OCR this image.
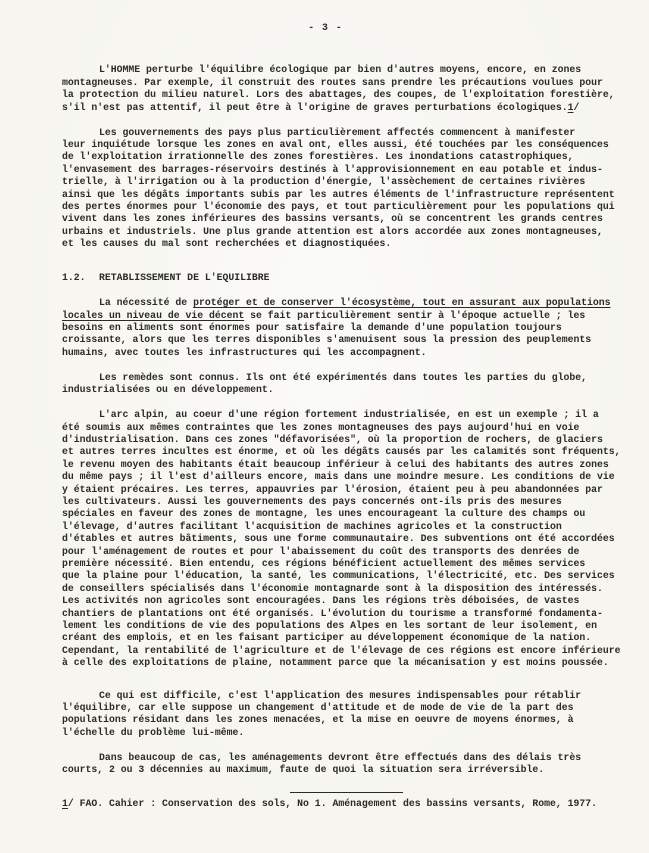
- 3 -
L'HOMME perturbe l'équilibre écologique par bien d'autres moyens, encore, en zones
montagneuses. Par exemple, il construit des routes sans prendre les précautions voulues pour
la protection du milieu naturel. Lors des abattages, des coupes, de l'exploitation forestière,
s'il n'est pas attentif, il peut être à l'origine de graves perturbations écologiques.1/
Les gouvernements des pays plus particulièrement affectés commencent à manifester
leur inquiétude lorsque les zones en aval ont, elles aussi, été touchées par les conséquences
de l'exploitation irrationnelle des zones forestières. Les inondations catastrophiques,
l'envasement des barrages-réservoirs destinés à l'approvisionnement en eau potable et indus-
trielle, à l'irrigation ou à la production d'énergie, l'assèchement de certaines rivières
ainsi que les dégâts importants subis par les autres éléments de l'infrastructure représentent
des pertes énormes pour l'économie des pays, et tout particulièrement pour les populations qui
vivent dans les zones inférieures des bassins versants, où se concentrent les grands centres
urbains et industriels. Une plus grande attention est alors accordée aux zones montagneuses,
et les causes du mal sont recherchées et diagnostiquées.
1.2.	RETABLISSEMENT DE L'EQUILIBRE
La nécessité de protéger et de conserver l'écosystème, tout en assurant aux populations
locales un niveau de vie décent se fait particulièrement sentir à l'époque actuelle ; les
besoins en aliments sont énormes pour satisfaire la demande d'une population toujours
croissante, alors que les terres disponibles s'amenuisent sous la pression des peuplements
humains, avec toutes les infrastructures qui les accompagnent.
Les remèdes sont connus. Ils ont été expérimentés dans toutes les parties du globe,
industrialisées ou en développement.
L'arc alpin, au coeur d'une région fortement industrialisée, en est un exemple ; il a
été soumis aux mêmes contraintes que les zones montagneuses des pays aujourd'hui en voie
d'industrialisation. Dans ces zones "défavorisées", où la proportion de rochers, de glaciers
et autres terres incultes est énorme, et où les dégâts causés par les calamités sont fréquents,
le revenu moyen des habitants était beaucoup inférieur à celui des habitants des autres zones
du même pays ; il l'est d'ailleurs encore, mais dans une moindre mesure. Les conditions de vie
y étaient précaires. Les terres, appauvries par l'érosion, étaient peu à peu abandonnées par
les cultivateurs. Aussi les gouvernements des pays concernés ont-ils pris des mesures
spéciales en faveur des zones de montagne, les unes encourageant la culture des champs ou
l'élevage, d'autres facilitant l'acquisition de machines agricoles et la construction
d'étables et autres bâtiments, sous une forme communautaire. Des subventions ont été accordées
pour l'aménagement de routes et pour l'abaissement du coût des transports des denrées de
première nécessité. Bien entendu, ces régions bénéficient actuellement des mêmes services
que la plaine pour l'éducation, la santé, les communications, l'électricité, etc. Des services
de conseillers spécialisés dans l'économie montagnarde sont à la disposition des intéressés.
Les activités non agricoles sont encouragées. Dans les régions très déboisées, de vastes
chantiers de plantations ont été organisés. L'évolution du tourisme a transformé fondamenta-
lement les conditions de vie des populations des Alpes en les sortant de leur isolement, en
créant des emplois, et en les faisant participer au développement économique de la nation.
Cependant, la rentabilité de l'agriculture et de l'élevage de ces régions est encore inférieure
à celle des exploitations de plaine, notamment parce que la mécanisation y est moins poussée.
Ce qui est difficile, c'est l'application des mesures indispensables pour rétablir
l'équilibre, car elle suppose un changement d'attitude et de mode de vie de la part des
populations résidant dans les zones menacées, et la mise en oeuvre de moyens énormes, à
l'échelle du problème lui-même.
Dans beaucoup de cas, les aménagements devront être effectués dans des délais très
courts, 2 ou 3 décennies au maximum, faute de quoi la situation sera irréversible.
1/ FAO. Cahier : Conservation des sols, No 1. Aménagement des bassins versants, Rome, 1977.
